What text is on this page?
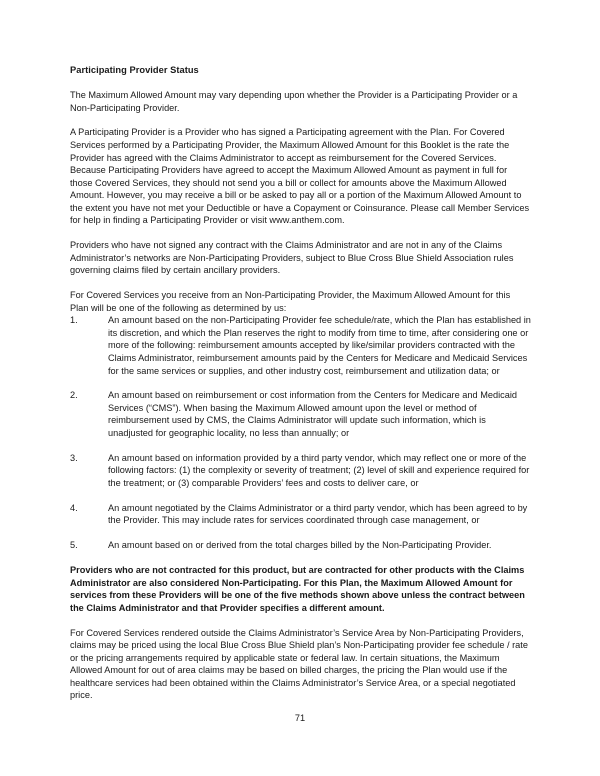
Participating Provider Status

The Maximum Allowed Amount may vary depending upon whether the Provider is a Participating Provider or a Non-Participating Provider.

A Participating Provider is a Provider who has signed a Participating agreement with the Plan. For Covered Services performed by a Participating Provider, the Maximum Allowed Amount for this Booklet is the rate the Provider has agreed with the Claims Administrator to accept as reimbursement for the Covered Services. Because Participating Providers have agreed to accept the Maximum Allowed Amount as payment in full for those Covered Services, they should not send you a bill or collect for amounts above the Maximum Allowed Amount. However, you may receive a bill or be asked to pay all or a portion of the Maximum Allowed Amount to the extent you have not met your Deductible or have a Copayment or Coinsurance. Please call Member Services for help in finding a Participating Provider or visit www.anthem.com.

Providers who have not signed any contract with the Claims Administrator and are not in any of the Claims Administrator’s networks are Non-Participating Providers, subject to Blue Cross Blue Shield Association rules governing claims filed by certain ancillary providers.

For Covered Services you receive from an Non-Participating Provider, the Maximum Allowed Amount for this Plan will be one of the following as determined by us:

1.	An amount based on the non-Participating Provider fee schedule/rate, which the Plan has established in its discretion, and which the Plan reserves the right to modify from time to time, after considering one or more of the following: reimbursement amounts accepted by like/similar providers contracted with the Claims Administrator, reimbursement amounts paid by the Centers for Medicare and Medicaid Services for the same services or supplies, and other industry cost, reimbursement and utilization data; or
2.	An amount based on reimbursement or cost information from the Centers for Medicare and Medicaid Services (“CMS”). When basing the Maximum Allowed amount upon the level or method of reimbursement used by CMS, the Claims Administrator will update such information, which is unadjusted for geographic locality, no less than annually; or
3.	An amount based on information provided by a third party vendor, which may reflect one or more of the following factors: (1) the complexity or severity of treatment; (2) level of skill and experience required for the treatment; or (3) comparable Providers’ fees and costs to deliver care, or
4.	An amount negotiated by the Claims Administrator or a third party vendor, which has been agreed to by the Provider. This may include rates for services coordinated through case management, or
5.	An amount based on or derived from the total charges billed by the Non-Participating Provider.

Providers who are not contracted for this product, but are contracted for other products with the Claims Administrator are also considered Non-Participating. For this Plan, the Maximum Allowed Amount for services from these Providers will be one of the five methods shown above unless the contract between the Claims Administrator and that Provider specifies a different amount.

For Covered Services rendered outside the Claims Administrator’s Service Area by Non-Participating Providers, claims may be priced using the local Blue Cross Blue Shield plan’s Non-Participating provider fee schedule / rate or the pricing arrangements required by applicable state or federal law. In certain situations, the Maximum Allowed Amount for out of area claims may be based on billed charges, the pricing the Plan would use if the healthcare services had been obtained within the Claims Administrator’s Service Area, or a special negotiated price.

71
